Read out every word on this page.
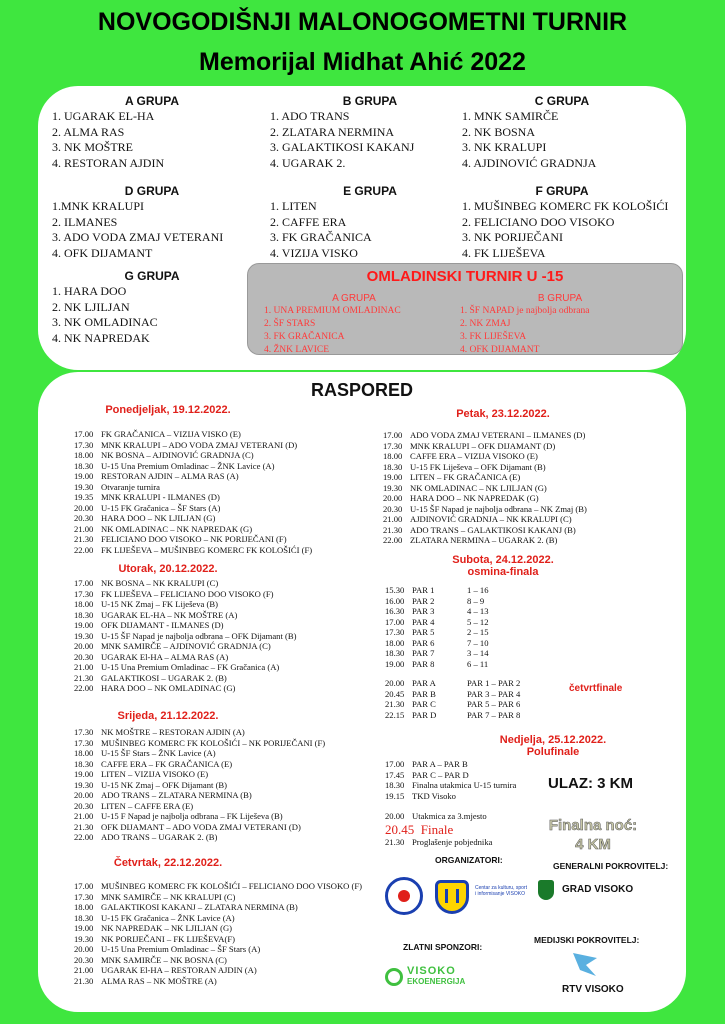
NOVOGODIŠNJI MALONOGOMETNI TURNIR
Memorijal Midhat Ahić 2022
A GRUPA
1. UGARAK EL-HA
2. ALMA RAS
3. NK MOŠTRE
4. RESTORAN AJDIN
B GRUPA
1. ADO TRANS
2. ZLATARA NERMINA
3. GALAKTIKOSI KAKANJ
4. UGARAK 2.
C GRUPA
1. MNK SAMIRČE
2. NK BOSNA
3. NK KRALUPI
4. AJDINOVIĆ GRADNJA
D GRUPA
1.MNK KRALUPI
2. ILMANES
3. ADO VODA ZMAJ VETERANI
4. OFK DIJAMANT
E GRUPA
1. LITEN
2. CAFFE ERA
3. FK GRAČANICA
4. VIZIJA VISKO
F GRUPA
1. MUŠINBEG KOMERC FK KOLOŠIĆI
2. FELICIANO DOO VISOKO
3. NK PORIJEČANI
4. FK LIJEŠEVA
G GRUPA
1. HARA DOO
2. NK LJILJAN
3. NK OMLADINAC
4. NK NAPREDAK
OMLADINSKI TURNIR U -15
A GRUPA
1. UNA PREMIUM OMLADINAC
2. ŠF STARS
3. FK GRAČANICA
4. ŽNK LAVICE
B GRUPA
1. ŠF NAPAD je najbolja odbrana
2. NK ZMAJ
3. FK LIJEŠEVA
4. OFK DIJAMANT
RASPORED
Ponedjeljak, 19.12.2022.
17.00 FK GRAČANICA – VIZIJA VISKO (E)
17.30 MNK KRALUPI – ADO VODA ZMAJ VETERANI (D)
18.00 NK BOSNA – AJDINOVIĆ GRADNJA (C)
18.30 U-15 Una Premium Omladinac – ŽNK Lavice (A)
19.00 RESTORAN AJDIN – ALMA RAS (A)
19.30 Otvaranje turnira
19.35 MNK KRALUPI - ILMANES (D)
20.00 U-15 FK Gračanica – ŠF Stars (A)
20.30 HARA DOO – NK LJILJAN (G)
21.00 NK OMLADINAC – NK NAPREDAK (G)
21.30 FELICIANO DOO VISOKO – NK PORIJEČANI (F)
22.00 FK LIJEŠEVA – MUŠINBEG KOMERC FK KOLOŠIĆI (F)
Utorak, 20.12.2022.
17.00 NK BOSNA – NK KRALUPI (C)
17.30 FK LIJEŠEVA – FELICIANO DOO VISOKO (F)
18.00 U-15 NK Zmaj – FK Liješeva (B)
18.30 UGARAK EL-HA – NK MOŠTRE (A)
19.00 OFK DIJAMANT - ILMANES (D)
19.30 U-15 ŠF Napad je najbolja odbrana – OFK Dijamant (B)
20.00 MNK SAMIRČE – AJDINOVIĆ GRADNJA (C)
20.30 UGARAK El-HA – ALMA RAS (A)
21.00 U-15 Una Premium Omladinac – FK Gračanica (A)
21.30 GALAKTIKOSI – UGARAK 2. (B)
22.00 HARA DOO – NK OMLADINAC (G)
Srijeda, 21.12.2022.
17.30 NK MOŠTRE – RESTORAN AJDIN (A)
17.30 MUŠINBEG KOMERC FK KOLOŠIĆI – NK PORIJEČANI (F)
18.00 U-15 ŠF Stars – ŽNK Lavice (A)
18.30 CAFFE ERA – FK GRAČANICA (E)
19.00 LITEN – VIZIJA VISOKO (E)
19.30 U-15 NK Zmaj – OFK Dijamant (B)
20.00 ADO TRANS – ZLATARA NERMINA (B)
20.30 LITEN – CAFFE ERA (E)
21.00 U-15 F Napad je najbolja odbrana – FK Liješeva (B)
21.30 OFK DIJAMANT – ADO VODA ZMAJ VETERANI (D)
22.00 ADO TRANS – UGARAK 2. (B)
Četvrtak, 22.12.2022.
17.00 MUŠINBEG KOMERC FK KOLOŠIĆI – FELICIANO DOO VISOKO (F)
17.30 MNK SAMIRČE – NK KRALUPI (C)
18.00 GALAKTIKOSI KAKANJ – ZLATARA NERMINA (B)
18.30 U-15 FK Gračanica – ŽNK Lavice (A)
19.00 NK NAPREDAK – NK LJILJAN (G)
19.30 NK PORIJEČANI – FK LIJEŠEVA(F)
20.00 U-15 Una Premium Omladinac – ŠF Stars (A)
20.30 MNK SAMIRČE – NK BOSNA (C)
21.00 UGARAK El-HA – RESTORAN AJDIN (A)
21.30 ALMA RAS – NK MOŠTRE (A)
Petak, 23.12.2022.
17.00 ADO VODA ZMAJ VETERANI – ILMANES (D)
17.30 MNK KRALUPI – OFK DIJAMANT (D)
18.00 CAFFE ERA – VIZIJA VISOKO (E)
18.30 U-15 FK Liješeva – OFK Dijamant (B)
19.00 LITEN – FK GRAČANICA (E)
19.30 NK OMLADINAC – NK LJILJAN (G)
20.00 HARA DOO – NK NAPREDAK (G)
20.30 U-15 ŠF Napad je najbolja odbrana – NK Zmaj (B)
21.00 AJDINOVIĆ GRADNJA – NK KRALUPI (C)
21.30 ADO TRANS – GALAKTIKOSI KAKANJ (B)
22.00 ZLATARA NERMINA – UGARAK 2. (B)
Subota, 24.12.2022.
osmina-finala
15.30 PAR 1	1 – 16
16.00 PAR 2	8 – 9
16.30 PAR 3	4 – 13
17.00 PAR 4	5 – 12
17.30 PAR 5	2 – 15
18.00 PAR 6	7 – 10
18.30 PAR 7	3 – 14
19.00 PAR 8	6 – 11
20.00 PAR A	PAR 1 – PAR 2
20.45 PAR B	PAR 3 – PAR 4
21.30 PAR C	PAR 5 – PAR 6
22.15 PAR D	PAR 7 – PAR 8
četvrtfinale
Nedjelja, 25.12.2022.
Polufinale
17.00 PAR A – PAR B
17.45 PAR C – PAR D
18.30 Finalna utakmica U-15 turnira
19.15 TKD Visoko
20.00 Utakmica za 3.mjesto
20.45 Finale
21.30 Proglašenje pobjednika
ULAZ: 3 KM
Finalna noć:
4 KM
ORGANIZATORI:
Centar za kulturu, sport i informisanje VISOKO
GENERALNI POKROVITELJ:
GRAD VISOKO
ZLATNI SPONZORI:
VISOKO
EKOENERGIJA
MEDIJSKI POKROVITELJ:
RTV VISOKO
